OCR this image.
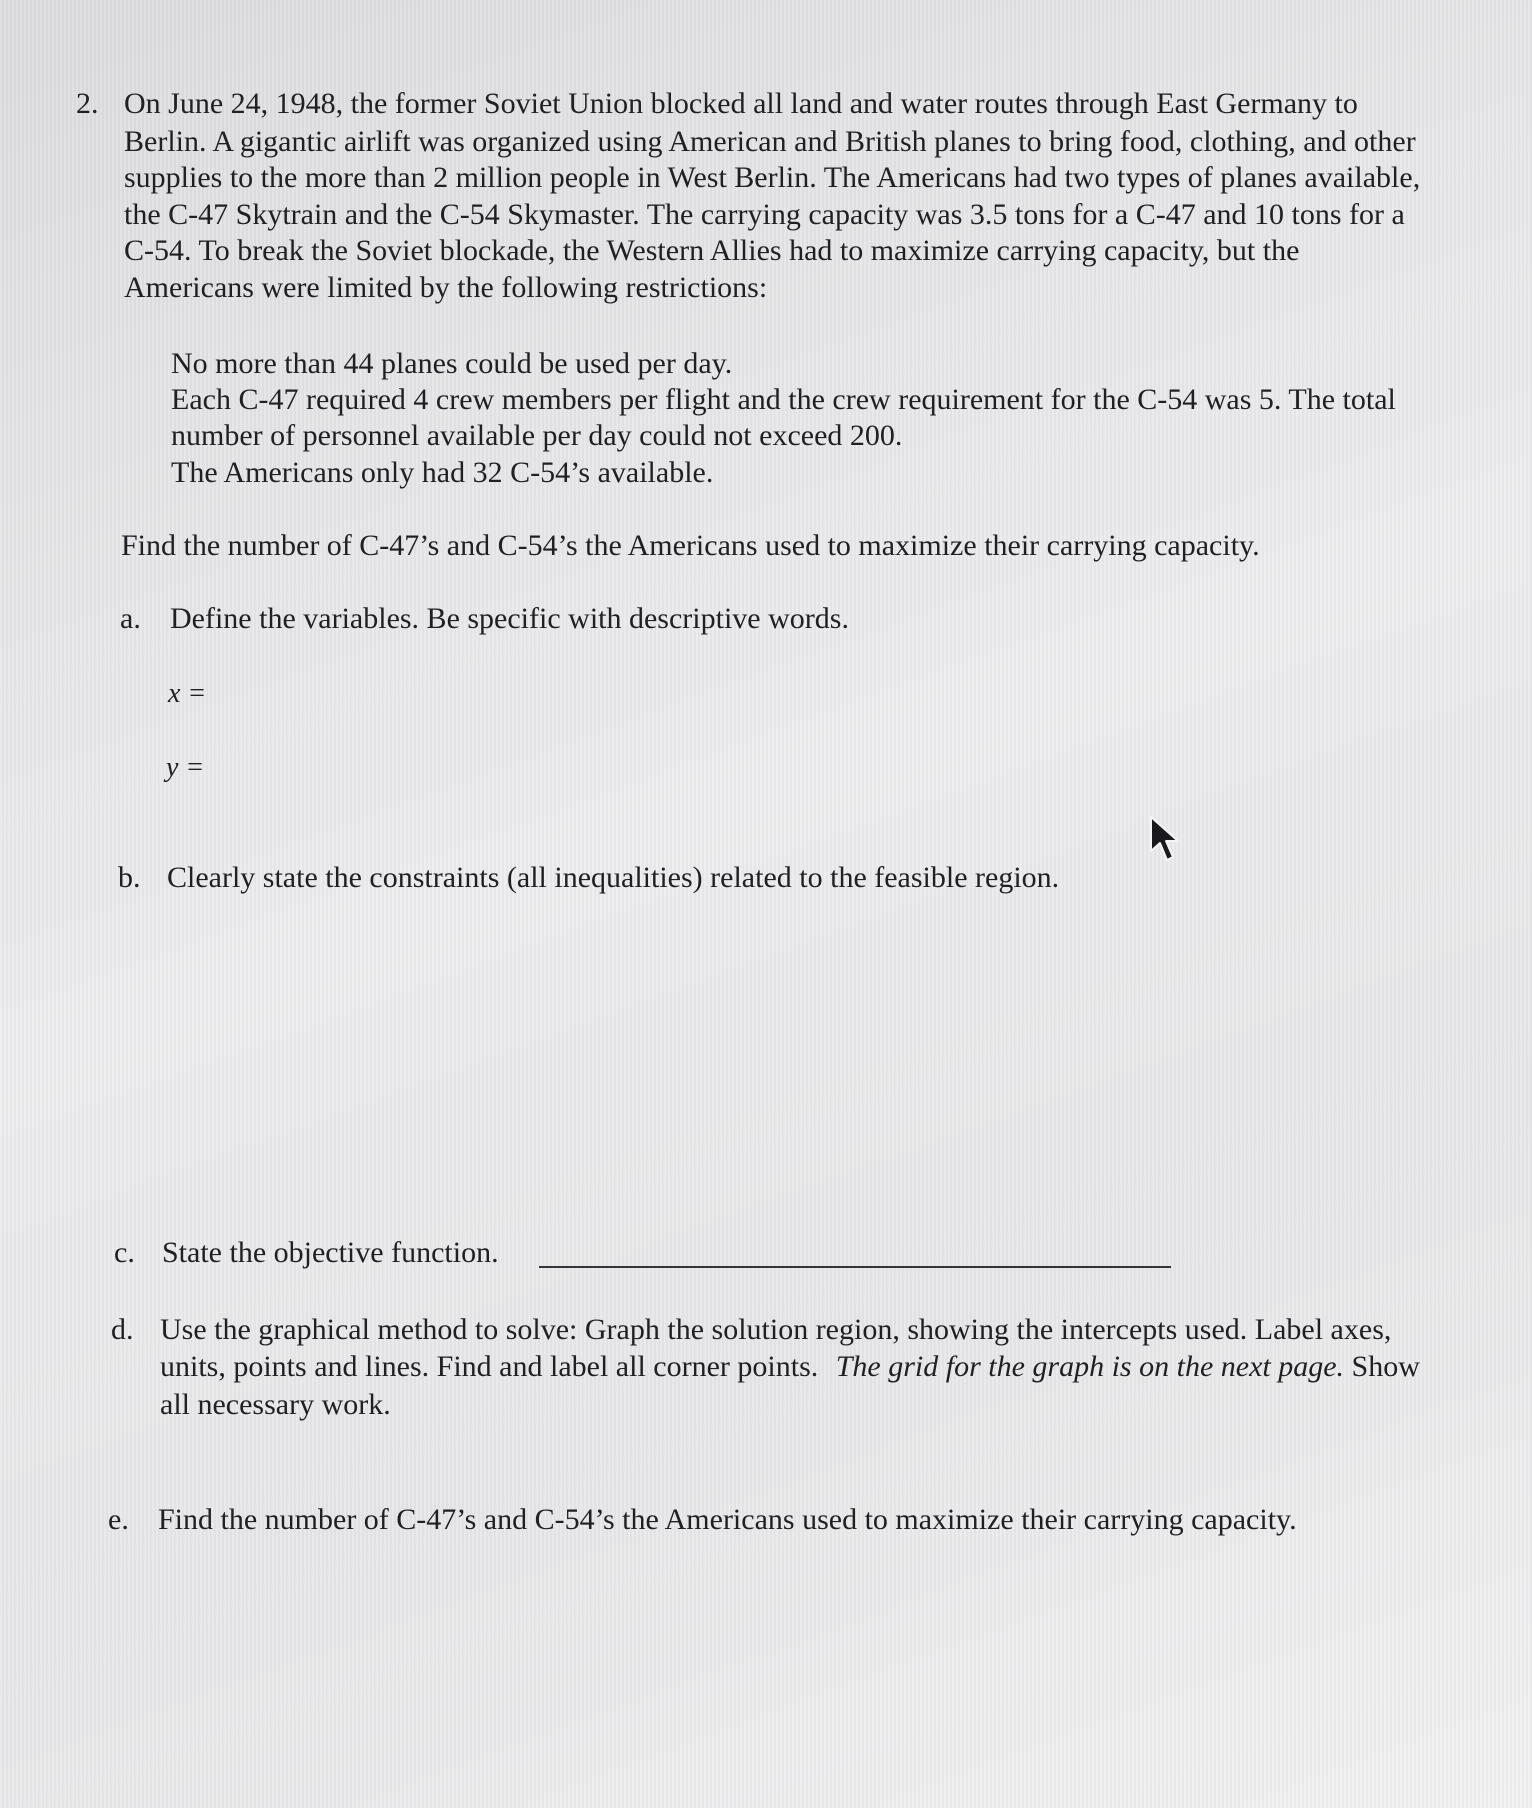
2. On June 24, 1948, the former Soviet Union blocked all land and water routes through East Germany to
Berlin. A gigantic airlift was organized using American and British planes to bring food, clothing, and other
supplies to the more than 2 million people in West Berlin. The Americans had two types of planes available,
the C-47 Skytrain and the C-54 Skymaster. The carrying capacity was 3.5 tons for a C-47 and 10 tons for a
C-54. To break the Soviet blockade, the Western Allies had to maximize carrying capacity, but the
Americans were limited by the following restrictions:
No more than 44 planes could be used per day.
Each C-47 required 4 crew members per flight and the crew requirement for the C-54 was 5. The total
number of personnel available per day could not exceed 200.
The Americans only had 32 C-54’s available.
Find the number of C-47’s and C-54’s the Americans used to maximize their carrying capacity.
a. Define the variables. Be specific with descriptive words.
x =
y =
b. Clearly state the constraints (all inequalities) related to the feasible region.
c. State the objective function.
d. Use the graphical method to solve: Graph the solution region, showing the intercepts used. Label axes,
units, points and lines. Find and label all corner points. The grid for the graph is on the next page. Show
all necessary work.
e. Find the number of C-47’s and C-54’s the Americans used to maximize their carrying capacity.
